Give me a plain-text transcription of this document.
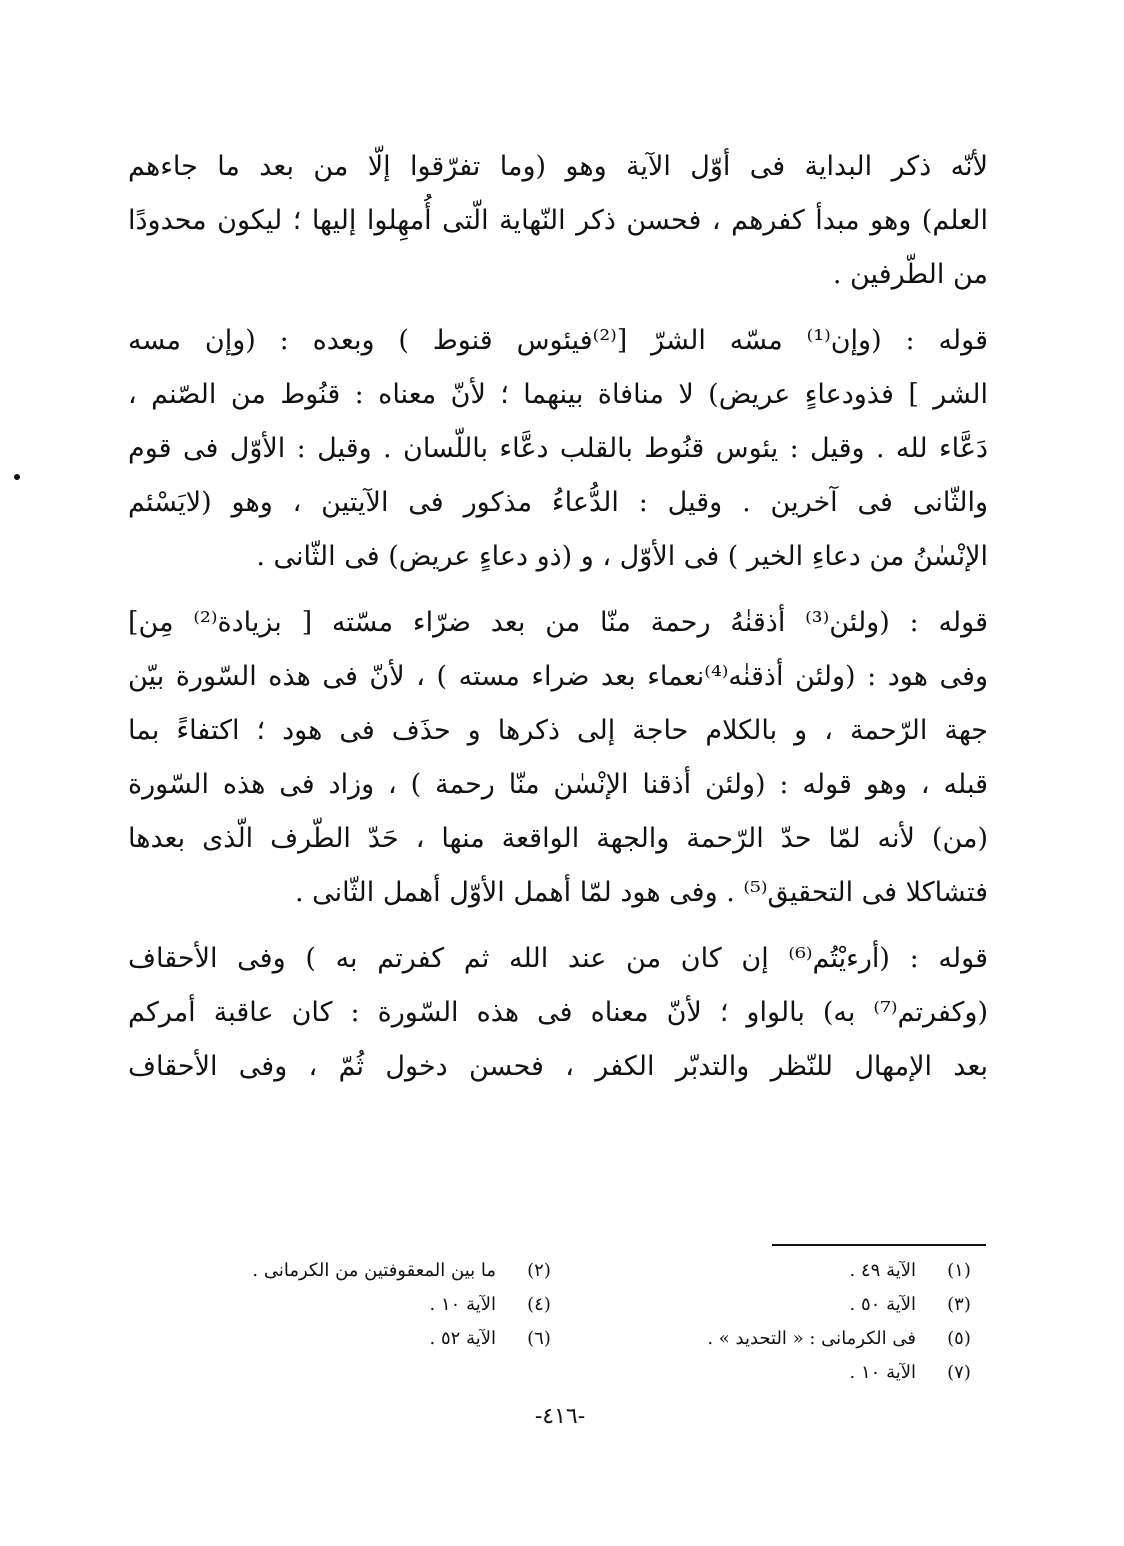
لأنّه ذكر البداية فى أوّل الآية وهو (وما تفرّقوا إلّا من بعد ما جاءهم
العلم) وهو مبدأ كفرهم ، فحسن ذكر النّهاية الّتى أُمهِلوا إليها ؛ ليكون محدودًا
من الطّرفين .
قوله : (وإن⁽¹⁾ مسّه الشرّ [⁽²⁾فيئوس قنوط ) وبعده : (وإن مسه
الشر ] فذودعاءٍ عريض) لا منافاة بينهما ؛ لأنّ معناه : قنُوط من الصّنم ،
دَعَّاء لله . وقيل : يئوس قنُوط بالقلب دعَّاء باللّسان . وقيل : الأوّل فى قوم
والثّانى فى آخرين . وقيل : الدُّعاءُ مذكور فى الآيتين ، وهو (لايَسْئم
الإنْسٰنُ من دعاءِ الخير ) فى الأوّل ، و (ذو دعاءٍ عريض) فى الثّانى .
قوله : (ولئن⁽³⁾ أذقنٰهُ رحمة منّا من بعد ضرّاء مسّته [ بزيادة⁽²⁾ مِن]
وفى هود : (ولئن أذقنٰه⁽⁴⁾نعماء بعد ضراء مسته ) ، لأنّ فى هذه السّورة بيّن
جهة الرّحمة ، و بالكلام حاجة إلى ذكرها و حذَف فى هود ؛ اكتفاءً بما
قبله ، وهو قوله : (ولئن أذقنا الإنْسٰن منّا رحمة ) ، وزاد فى هذه السّورة
(من) لأنه لمّا حدّ الرّحمة والجهة الواقعة منها ، حَدّ الطّرف الّذى بعدها
فتشاكلا فى التحقيق⁽⁵⁾ . وفى هود لمّا أهمل الأوّل أهمل الثّانى .
قوله : (أرءيْتُم⁽⁶⁾ إن كان من عند الله ثم كفرتم به ) وفى الأحقاف
(وكفرتم⁽⁷⁾ به) بالواو ؛ لأنّ معناه فى هذه السّورة : كان عاقبة أمركم
بعد الإمهال للنّظر والتدبّر الكفر ، فحسن دخول ثُمّ ، وفى الأحقاف
(١)
الآية ٤٩ .
(٢)
ما بين المعقوفتين من الكرمانى .
(٣)
الآية ٥٠ .
(٤)
الآية ١٠ .
(٥)
فى الكرمانى : « التحديد » .
(٦)
الآية ٥٢ .
(٧)
الآية ١٠ .
-٤١٦-
